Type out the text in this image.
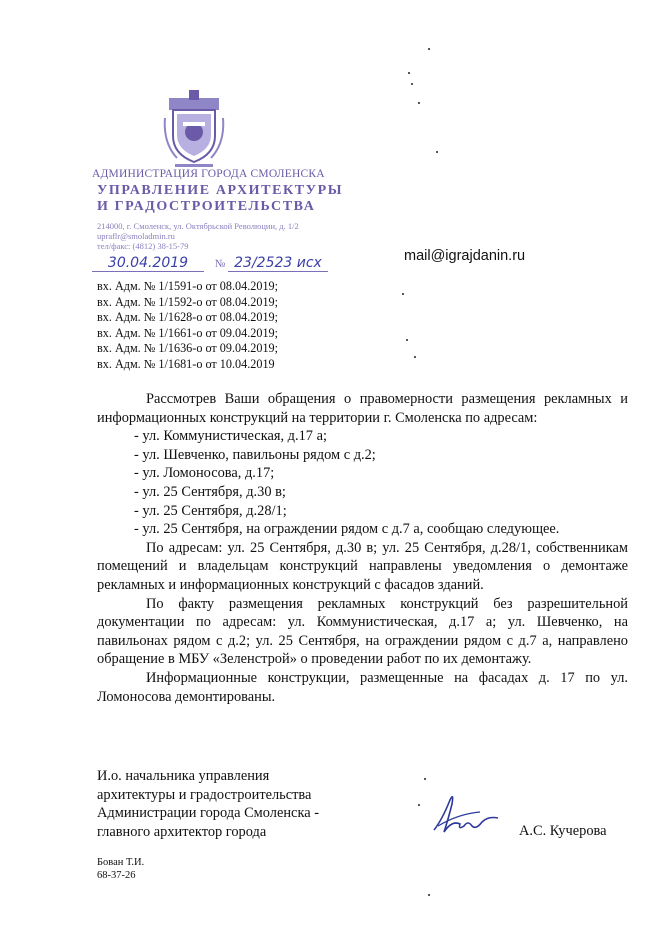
АДМИНИСТРАЦИЯ ГОРОДА СМОЛЕНСКА
УПРАВЛЕНИЕ АРХИТЕКТУРЫ
И ГРАДОСТРОИТЕЛЬСТВА
214000, г. Смоленск, ул. Октябрьской Революции, д. 1/2
upraflr@smoladmin.ru
тел/факс: (4812) 38-15-79
30.04.2019 № 23/2523 исх	mail@igrajdanin.ru
вх. Адм. № 1/1591-о от 08.04.2019;
вх. Адм. № 1/1592-о от 08.04.2019;
вх. Адм. № 1/1628-о от 08.04.2019;
вх. Адм. № 1/1661-о от 09.04.2019;
вх. Адм. № 1/1636-о от 09.04.2019;
вх. Адм. № 1/1681-о от 10.04.2019

Рассмотрев Ваши обращения о правомерности размещения рекламных и информационных конструкций на территории г. Смоленска по адресам:

- ул. Коммунистическая, д.17 а;

- ул. Шевченко, павильоны рядом с д.2;

- ул. Ломоносова, д.17;

- ул. 25 Сентября, д.30 в;

- ул. 25 Сентября, д.28/1;

- ул. 25 Сентября, на ограждении рядом с д.7 а, сообщаю следующее.

По адресам: ул. 25 Сентября, д.30 в; ул. 25 Сентября, д.28/1, собственникам помещений и владельцам конструкций направлены уведомления о демонтаже рекламных и информационных конструкций с фасадов зданий.

По факту размещения рекламных конструкций без разрешительной документации по адресам: ул. Коммунистическая, д.17 а; ул. Шевченко, на павильонах рядом с д.2; ул. 25 Сентября, на ограждении рядом с д.7 а, направлено обращение в МБУ «Зеленстрой» о проведении работ по их демонтажу.

Информационные конструкции, размещенные на фасадах д. 17 по ул. Ломоносова демонтированы.

И.о. начальника управления
архитектуры и градостроительства
Администрации города Смоленска -
главного архитектор города	А.С. Кучерова
Бован Т.И.
68-37-26
